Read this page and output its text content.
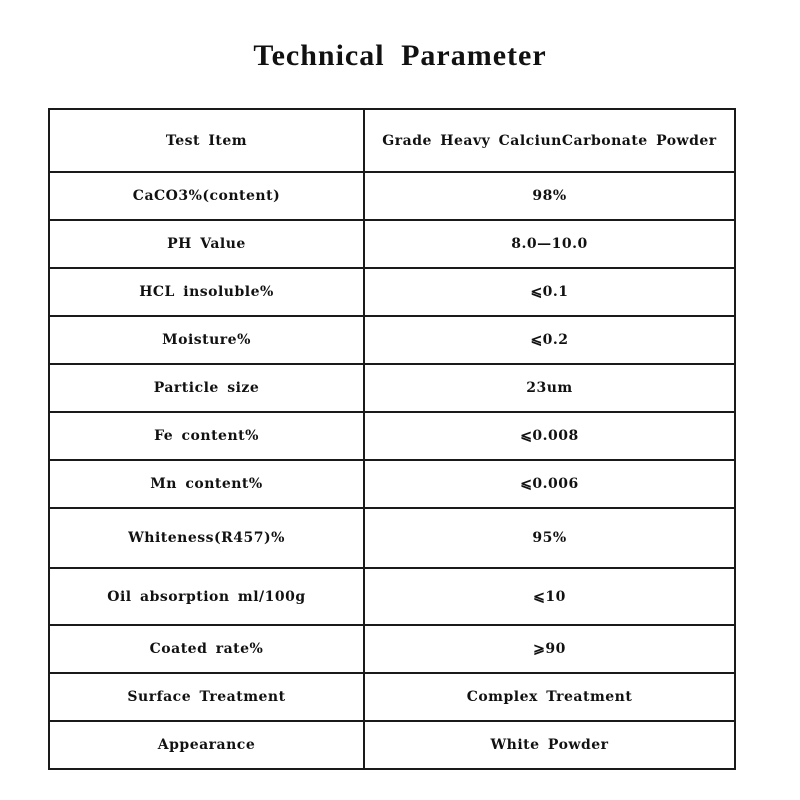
Technical Parameter
Test Item	Grade Heavy CalciunCarbonate Powder
CaCO3%(content)	98%
PH Value	8.0—10.0
HCL insoluble%	⩽0.1
Moisture%	⩽0.2
Particle size	23um
Fe content%	⩽0.008
Mn content%	⩽0.006
Whiteness(R457)%	95%
Oil absorption ml/100g	⩽10
Coated rate%	⩾90
Surface Treatment	Complex Treatment
Appearance	White Powder
